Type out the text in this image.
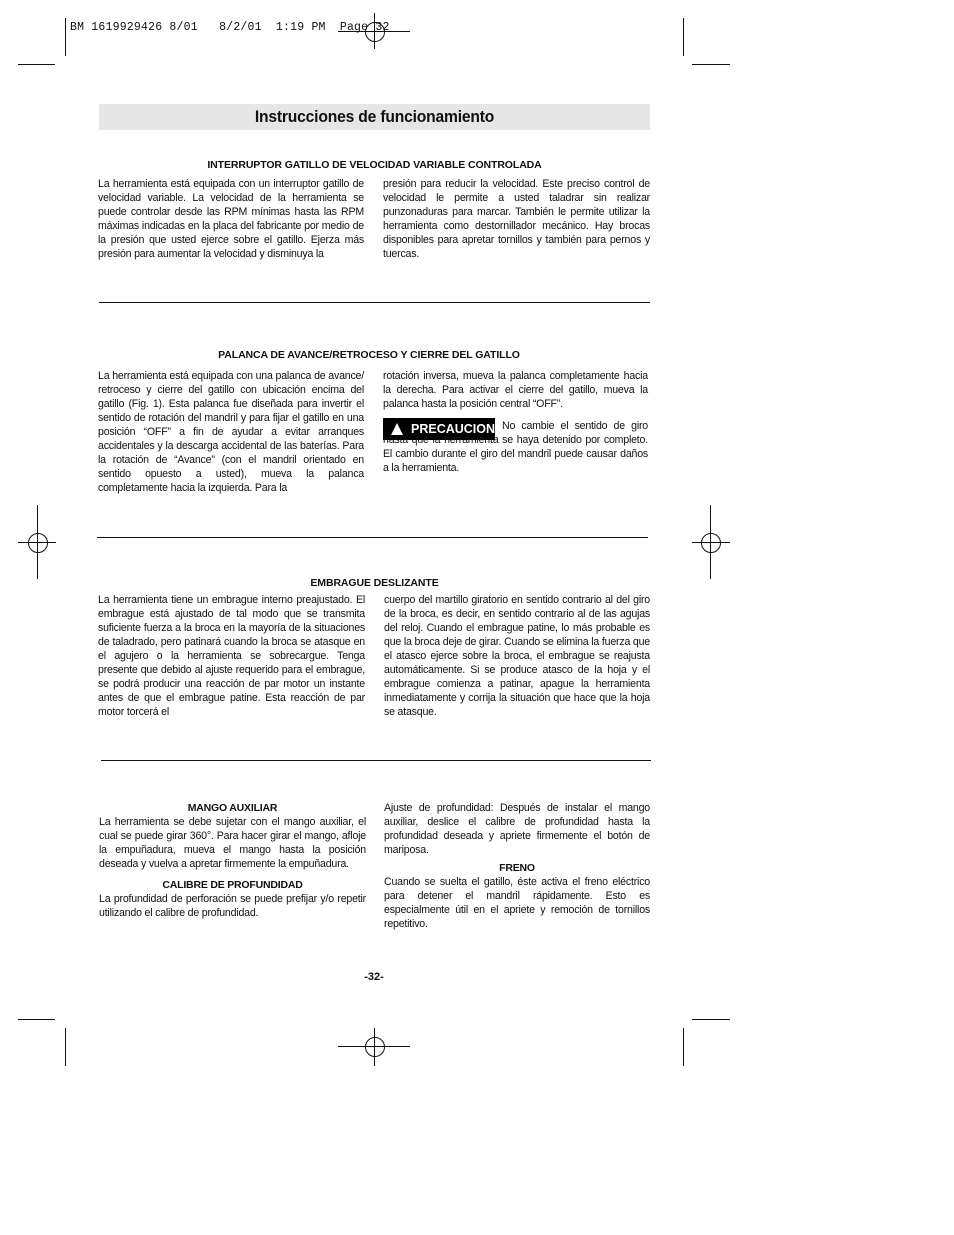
BM 1619929426 8/01   8/2/01  1:19 PM  Page 32
Instrucciones de funcionamiento
INTERRUPTOR GATILLO DE VELOCIDAD VARIABLE CONTROLADA

La herramienta está equipada con un interruptor gatillo de velocidad variable. La velocidad de la herramienta se puede controlar desde las RPM mínimas hasta las RPM máximas indicadas en la placa del fabricante por medio de la presión que usted ejerce sobre el gatillo. Ejerza más presión para aumentar la velocidad y disminuya la

presión para reducir la velocidad. Este preciso control de velocidad le permite a usted taladrar sin realizar punzonaduras para marcar. También le permite utilizar la herramienta como destornillador mecánico. Hay brocas disponibles para apretar tornillos y también para pernos y tuercas.

PALANCA DE AVANCE/RETROCESO Y CIERRE DEL GATILLO

La herramienta está equipada con una palanca de avance/ retroceso y cierre del gatillo con ubicación encima del gatillo (Fig. 1). Esta palanca fue diseñada para invertir el sentido de rotación del mandril y para fijar el gatillo en una posición “OFF” a fin de ayudar a evitar arranques accidentales y la descarga accidental de las baterías. Para la rotación de “Avance” (con el mandril orientado en sentido opuesto a usted), mueva la palanca completamente hacia la izquierda. Para la

rotación inversa, mueva la palanca completamente hacia la derecha. Para activar el cierre del gatillo, mueva la palanca hasta la posición central “OFF”.

PRECAUCION No cambie el sentido de giro hasta que la herramienta se haya detenido por completo. El cambio durante el giro del mandril puede causar daños a la herramienta.

EMBRAGUE DESLIZANTE

La herramienta tiene un embrague interno preajustado. El embrague está ajustado de tal modo que se transmita suficiente fuerza a la broca en la mayoría de la situaciones de taladrado, pero patinará cuando la broca se atasque en el agujero o la herramienta se sobrecargue. Tenga presente que debido al ajuste requerido para el embrague, se podrá producir una reacción de par motor un instante antes de que el embrague patine. Esta reacción de par motor torcerá el

cuerpo del martillo giratorio en sentido contrario al del giro de la broca, es decir, en sentido contrario al de las agujas del reloj. Cuando el embrague patine, lo más probable es que la broca deje de girar. Cuando se elimina la fuerza que el atasco ejerce sobre la broca, el embrague se reajusta automáticamente. Si se produce atasco de la hoja y el embrague comienza a patinar, apague la herramienta inmediatamente y corrija la situación que hace que la hoja se atasque.

MANGO AUXILIAR

La herramienta se debe sujetar con el mango auxiliar, el cual se puede girar 360°. Para hacer girar el mango, afloje la empuñadura, mueva el mango hasta la posición deseada y vuelva a apretar firmemente la empuñadura.

CALIBRE DE PROFUNDIDAD

La profundidad de perforación se puede prefijar y/o repetir utilizando el calibre de profundidad.

Ajuste de profundidad: Después de instalar el mango auxiliar, deslice el calibre de profundidad hasta la profundidad deseada y apriete firmemente el botón de mariposa.

FRENO

Cuando se suelta el gatillo, éste activa el freno eléctrico para detener el mandril rápidamente. Esto es especialmente útil en el apriete y remoción de tornillos repetitivo.

-32-
